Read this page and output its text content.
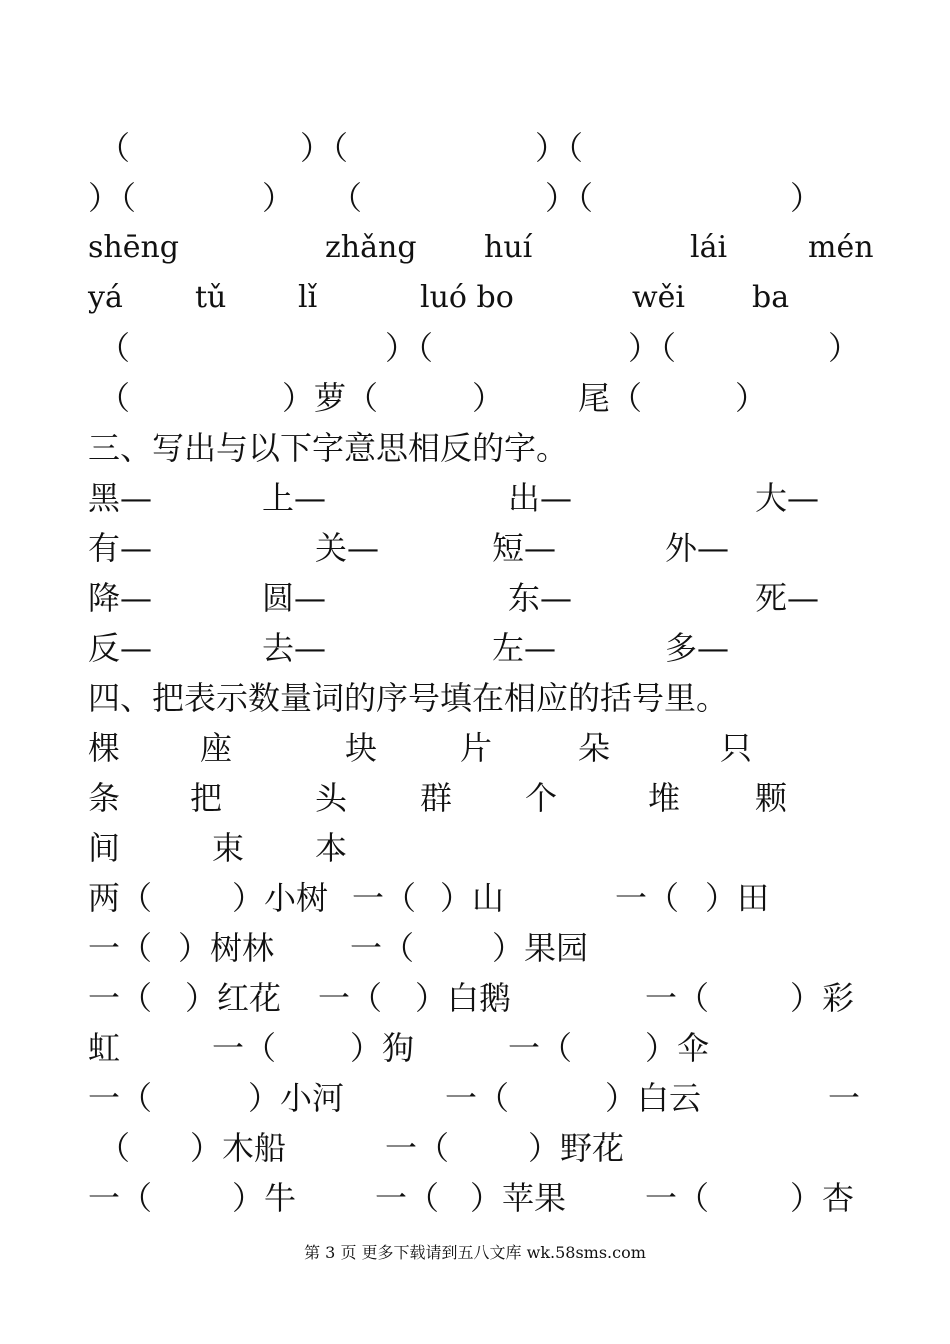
（	）（	）（
）（	） （	）（	）
shēng	zhǎng huí	lái	mén
yá tǔ lǐ	luó bo	wěi ba
（	）（	）（	）
（	）萝（	） 尾（	）
三、写出与以下字意思相反的字。
黑—	上—	出—	大—
有—	关—	短—	外—
降—	圆—	东—	死—
反—	去—	左—	多—
四、把表示数量词的序号填在相应的括号里。
棵 座	块	片	朵	只
条 把	头 群 个	堆 颗
间	束 本
两（ ）小树 一（ ）山	一（ ）田
一（ ）树林 一（ ）果园
一（ ）红花 一（ ）白鹅	一（	）彩
虹	一（ ）狗	一（ ）伞
一（	）小河	一（	）白云	一
（ ）木船	一（ ）野花
一（ ）牛 一（ ）苹果 一（	）杏
第 3 页 更多下载请到五八文库 wk.58sms.com
